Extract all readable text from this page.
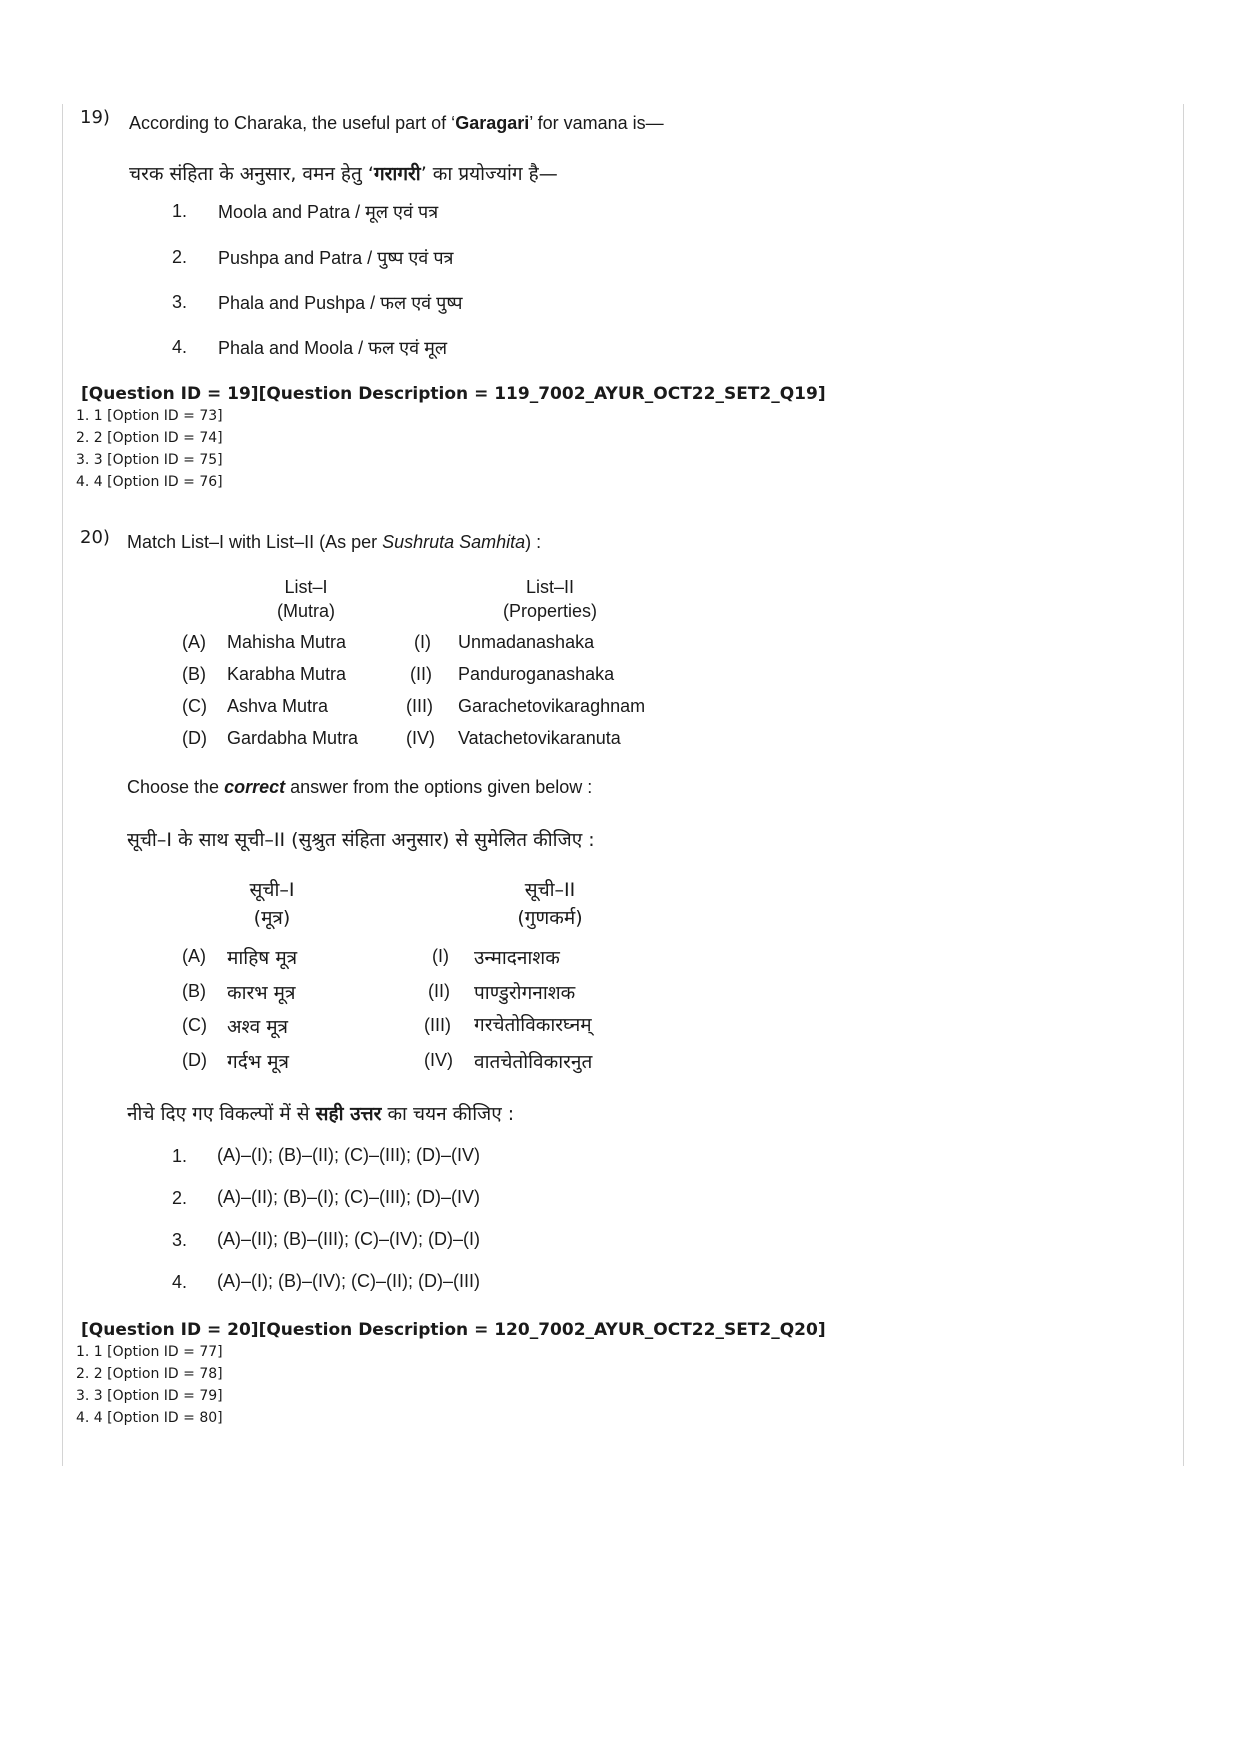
19) According to Charaka, the useful part of ‘Garagari’ for vamana is—
चरक संहिता के अनुसार, वमन हेतु ‘गरागरी’ का प्रयोज्यांग है—
1. Moola and Patra / मूल एवं पत्र
2. Pushpa and Patra / पुष्प एवं पत्र
3. Phala and Pushpa / फल एवं पुष्प
4. Phala and Moola / फल एवं मूल
[Question ID = 19][Question Description = 119_7002_AYUR_OCT22_SET2_Q19]
1. 1 [Option ID = 73]
2. 2 [Option ID = 74]
3. 3 [Option ID = 75]
4. 4 [Option ID = 76]
20) Match List–I with List–II (As per Sushruta Samhita) :
List–I
(Mutra)
List–II
(Properties)
(A) Mahisha Mutra	(I) Unmadanashaka
(B) Karabha Mutra	(II) Panduroganashaka
(C) Ashva Mutra	(III) Garachetovikaraghnam
(D) Gardabha Mutra	(IV) Vatachetovikaranuta
Choose the correct answer from the options given below :
सूची–I के साथ सूची–II (सुश्रुत संहिता अनुसार) से सुमेलित कीजिए :
सूची–I
(मूत्र)
सूची–II
(गुणकर्म)
(A) माहिष मूत्र	(I) उन्मादनाशक
(B) कारभ मूत्र	(II) पाण्डुरोगनाशक
(C) अश्व मूत्र	(III) गरचेतोविकारघ्नम्
(D) गर्दभ मूत्र	(IV) वातचेतोविकारनुत
नीचे दिए गए विकल्पों में से सही उत्तर का चयन कीजिए :
1. (A)–(I); (B)–(II); (C)–(III); (D)–(IV)
2. (A)–(II); (B)–(I); (C)–(III); (D)–(IV)
3. (A)–(II); (B)–(III); (C)–(IV); (D)–(I)
4. (A)–(I); (B)–(IV); (C)–(II); (D)–(III)
[Question ID = 20][Question Description = 120_7002_AYUR_OCT22_SET2_Q20]
1. 1 [Option ID = 77]
2. 2 [Option ID = 78]
3. 3 [Option ID = 79]
4. 4 [Option ID = 80]
